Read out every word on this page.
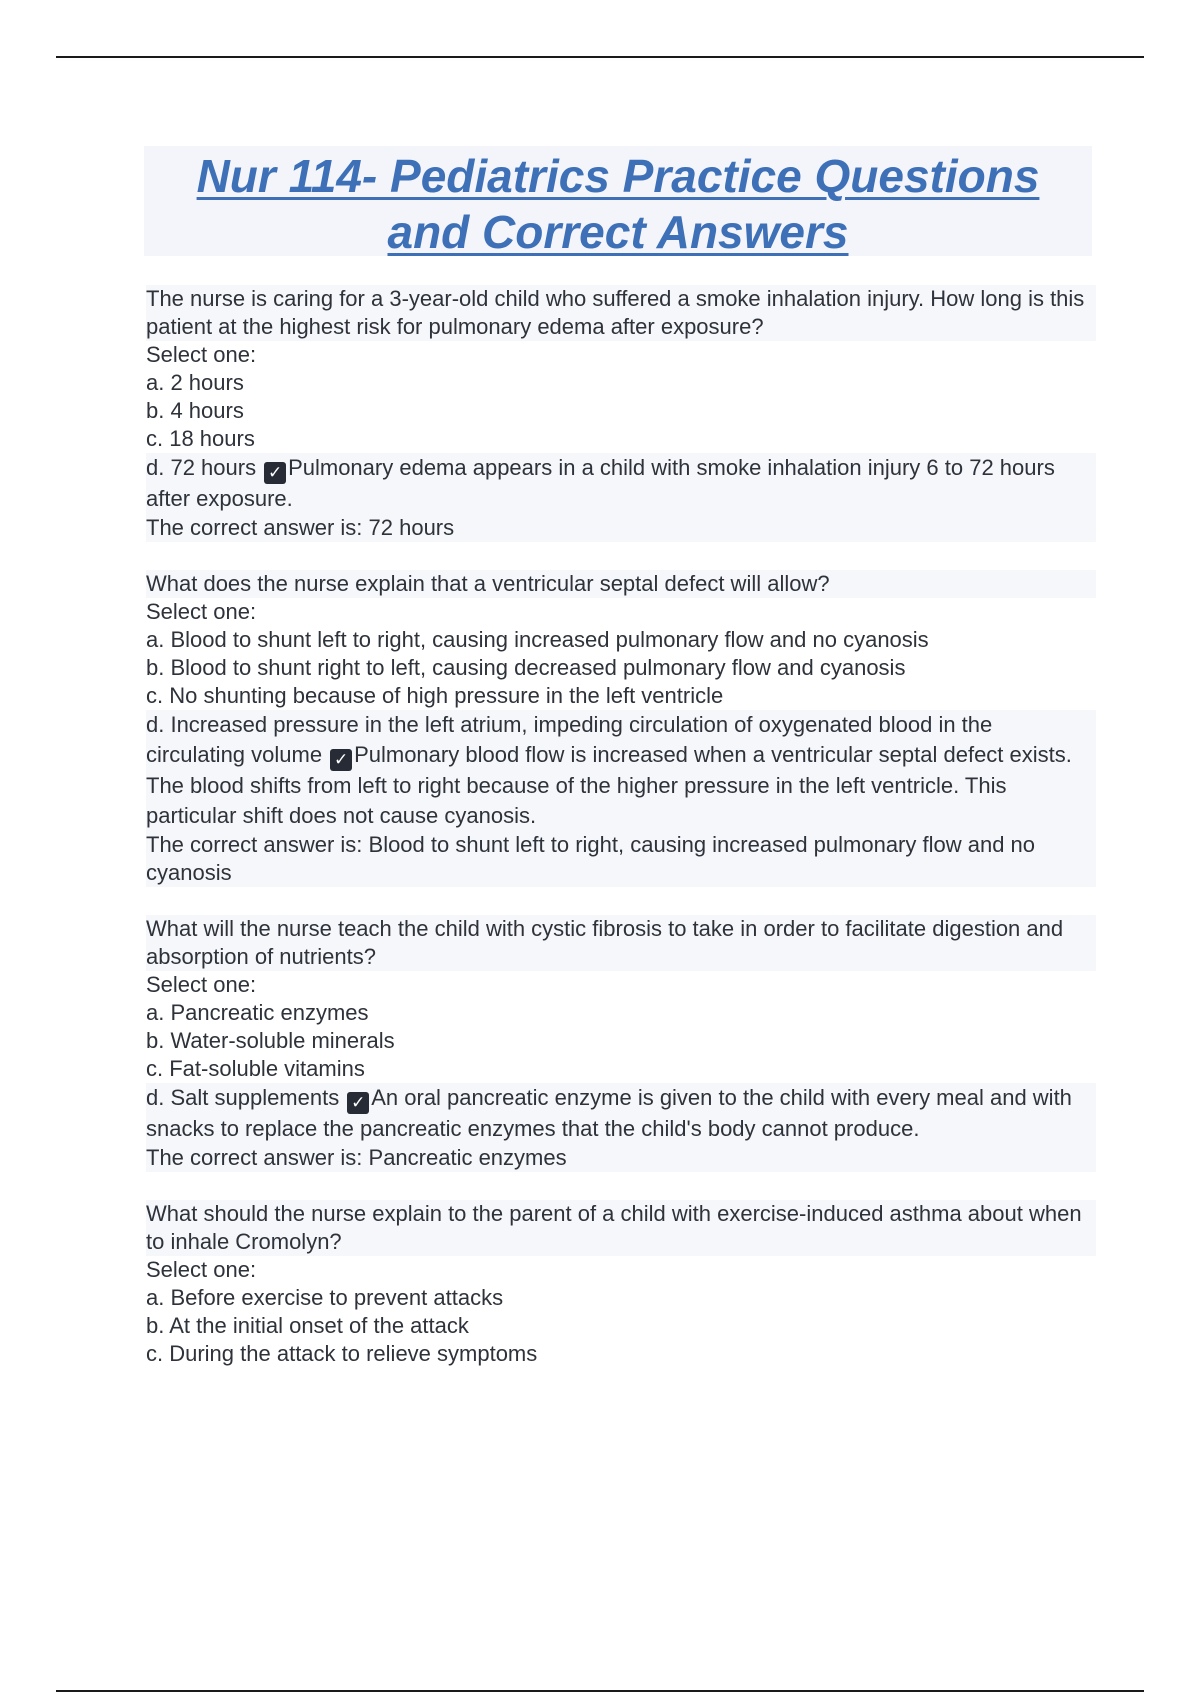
Nur 114- Pediatrics Practice Questions
and Correct Answers
The nurse is caring for a 3-year-old child who suffered a smoke inhalation injury. How long is this patient at the highest risk for pulmonary edema after exposure?
Select one:
a. 2 hours
b. 4 hours
c. 18 hours
d. 72 hours ✓ Pulmonary edema appears in a child with smoke inhalation injury 6 to 72 hours after exposure.
The correct answer is: 72 hours
What does the nurse explain that a ventricular septal defect will allow?
Select one:
a. Blood to shunt left to right, causing increased pulmonary flow and no cyanosis
b. Blood to shunt right to left, causing decreased pulmonary flow and cyanosis
c. No shunting because of high pressure in the left ventricle
d. Increased pressure in the left atrium, impeding circulation of oxygenated blood in the circulating volume ✓ Pulmonary blood flow is increased when a ventricular septal defect exists. The blood shifts from left to right because of the higher pressure in the left ventricle. This particular shift does not cause cyanosis.
The correct answer is: Blood to shunt left to right, causing increased pulmonary flow and no cyanosis
What will the nurse teach the child with cystic fibrosis to take in order to facilitate digestion and absorption of nutrients?
Select one:
a. Pancreatic enzymes
b. Water-soluble minerals
c. Fat-soluble vitamins
d. Salt supplements ✓ An oral pancreatic enzyme is given to the child with every meal and with snacks to replace the pancreatic enzymes that the child's body cannot produce.
The correct answer is: Pancreatic enzymes
What should the nurse explain to the parent of a child with exercise-induced asthma about when to inhale Cromolyn?
Select one:
a. Before exercise to prevent attacks
b. At the initial onset of the attack
c. During the attack to relieve symptoms
